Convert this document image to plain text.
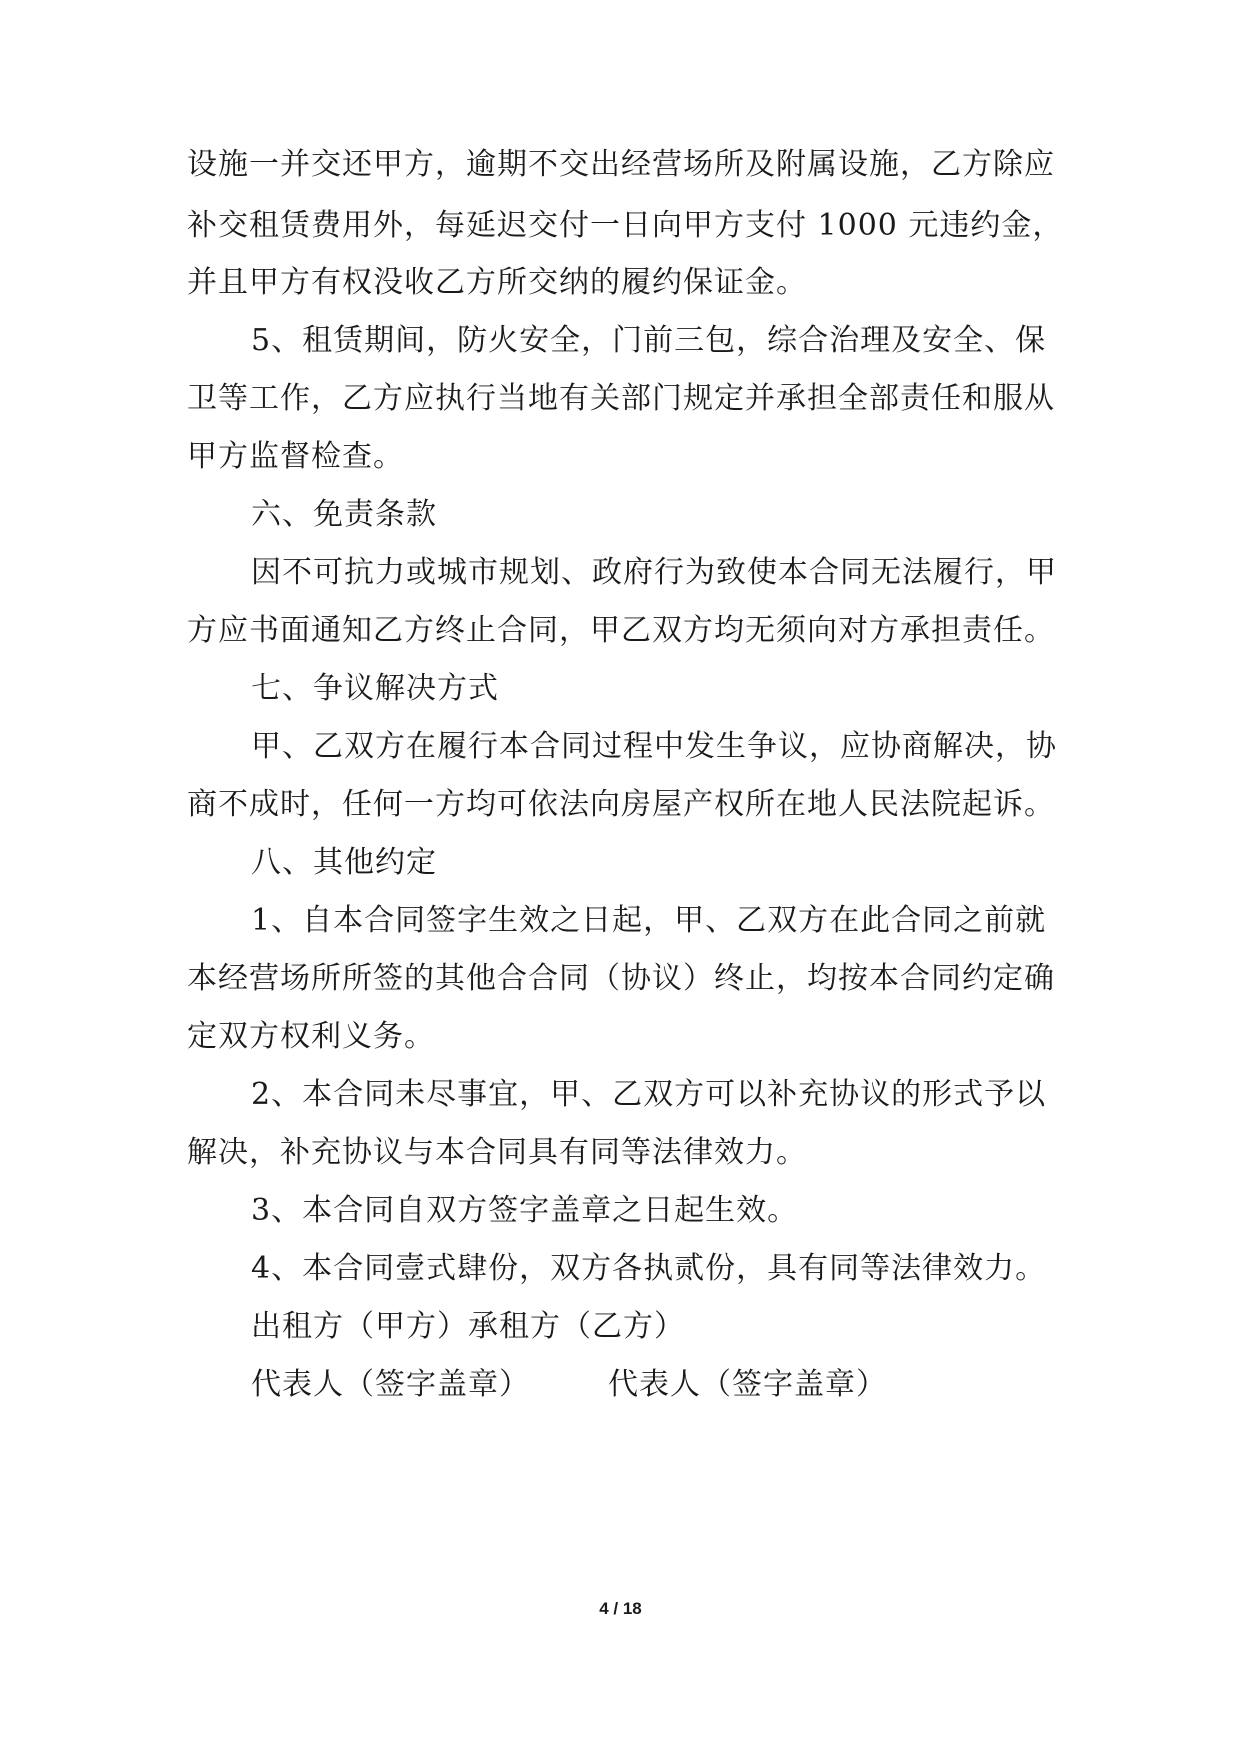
设施一并交还甲方，逾期不交出经营场所及附属设施，乙方除应
补交租赁费用外，每延迟交付一日向甲方支付 1000 元违约金，
并且甲方有权没收乙方所交纳的履约保证金。
5、租赁期间，防火安全，门前三包，综合治理及安全、保
卫等工作，乙方应执行当地有关部门规定并承担全部责任和服从
甲方监督检查。
六、免责条款
因不可抗力或城市规划、政府行为致使本合同无法履行，甲
方应书面通知乙方终止合同，甲乙双方均无须向对方承担责任。
七、争议解决方式
甲、乙双方在履行本合同过程中发生争议，应协商解决，协
商不成时，任何一方均可依法向房屋产权所在地人民法院起诉。
八、其他约定
1、自本合同签字生效之日起，甲、乙双方在此合同之前就
本经营场所所签的其他合合同（协议）终止，均按本合同约定确
定双方权利义务。
2、本合同未尽事宜，甲、乙双方可以补充协议的形式予以
解决，补充协议与本合同具有同等法律效力。
3、本合同自双方签字盖章之日起生效。
4、本合同壹式肆份，双方各执贰份，具有同等法律效力。
出租方（甲方）承租方（乙方）
代表人（签字盖章）　　　代表人（签字盖章）
4 / 18
